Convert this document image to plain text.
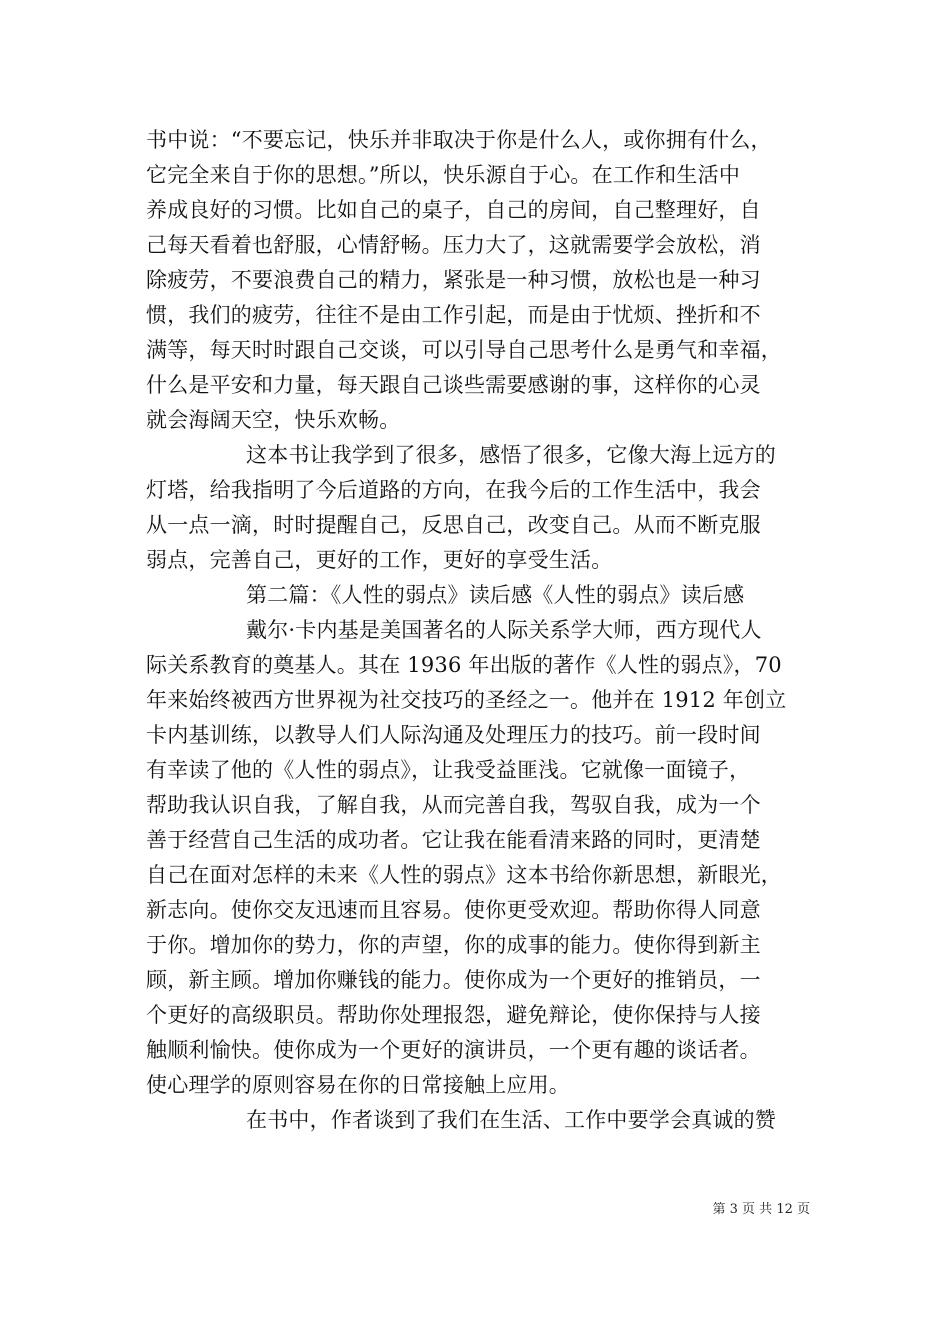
书中说：“不要忘记，快乐并非取决于你是什么人，或你拥有什么，
它完全来自于你的思想。”所以，快乐源自于心。在工作和生活中
养成良好的习惯。比如自己的桌子，自己的房间，自己整理好，自
己每天看着也舒服，心情舒畅。压力大了，这就需要学会放松，消
除疲劳，不要浪费自己的精力，紧张是一种习惯，放松也是一种习
惯，我们的疲劳，往往不是由工作引起，而是由于忧烦、挫折和不
满等，每天时时跟自己交谈，可以引导自己思考什么是勇气和幸福，
什么是平安和力量，每天跟自己谈些需要感谢的事，这样你的心灵
就会海阔天空，快乐欢畅。
这本书让我学到了很多，感悟了很多，它像大海上远方的
灯塔，给我指明了今后道路的方向，在我今后的工作生活中，我会
从一点一滴，时时提醒自己，反思自己，改变自己。从而不断克服
弱点，完善自己，更好的工作，更好的享受生活。
第二篇：《人性的弱点》读后感《人性的弱点》读后感
戴尔·卡内基是美国著名的人际关系学大师，西方现代人
际关系教育的奠基人。其在 1936 年出版的著作《人性的弱点》，70
年来始终被西方世界视为社交技巧的圣经之一。他并在 1912 年创立
卡内基训练，以教导人们人际沟通及处理压力的技巧。前一段时间
有幸读了他的《人性的弱点》，让我受益匪浅。它就像一面镜子，
帮助我认识自我，了解自我，从而完善自我，驾驭自我，成为一个
善于经营自己生活的成功者。它让我在能看清来路的同时，更清楚
自己在面对怎样的未来《人性的弱点》这本书给你新思想，新眼光，
新志向。使你交友迅速而且容易。使你更受欢迎。帮助你得人同意
于你。增加你的势力，你的声望，你的成事的能力。使你得到新主
顾，新主顾。增加你赚钱的能力。使你成为一个更好的推销员，一
个更好的高级职员。帮助你处理报怨，避免辩论，使你保持与人接
触顺利愉快。使你成为一个更好的演讲员，一个更有趣的谈话者。
使心理学的原则容易在你的日常接触上应用。
在书中，作者谈到了我们在生活、工作中要学会真诚的赞
第 3 页 共 12 页
